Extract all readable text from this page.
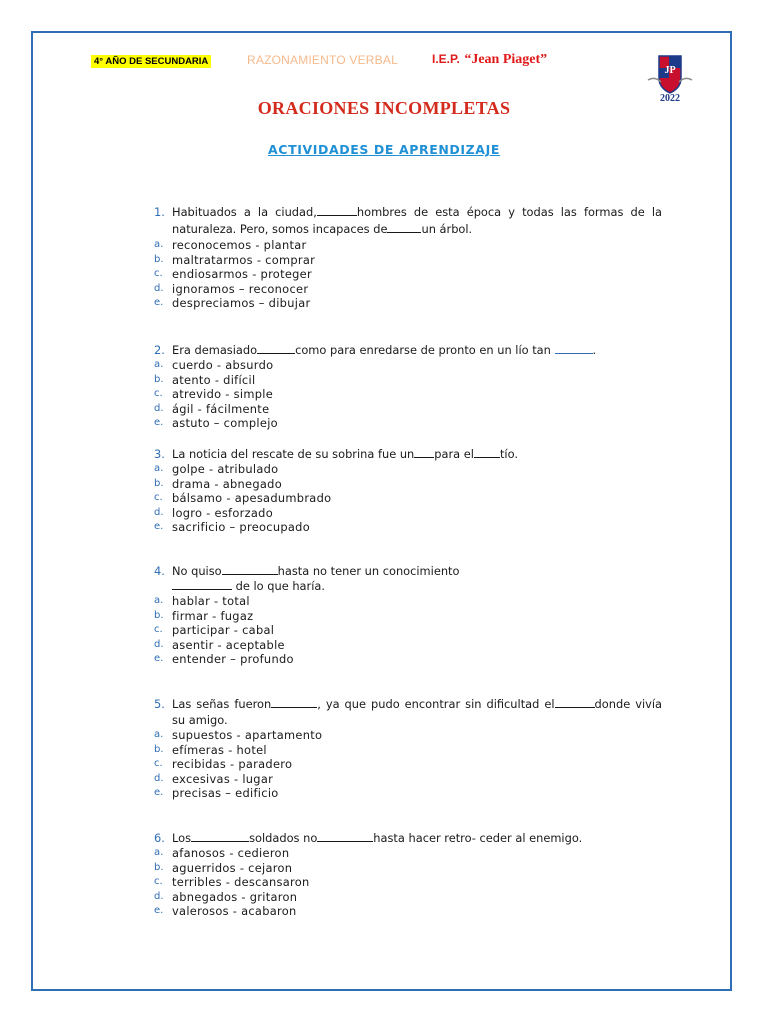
4° AÑO DE SECUNDARIA	RAZONAMIENTO VERBAL	I.E.P. “Jean Piaget”
JP
2022
ORACIONES INCOMPLETAS
ACTIVIDADES DE APRENDIZAJE
1. Habituados a la ciudad,	hombres de esta época y todas las formas de la naturaleza. Pero, somos incapaces de	un árbol.
a. reconocemos - plantar
b. maltratarmos - comprar
c. endiosarmos - proteger
d. ignoramos – reconocer
e. despreciamos – dibujar
2. Era demasiado	como para enredarse de pronto en un lío tan	.
a. cuerdo - absurdo
b. atento - difícil
c. atrevido - simple
d. ágil - fácilmente
e. astuto – complejo
3. La noticia del rescate de su sobrina fue un para el tío.
a. golpe - atribulado
b. drama - abnegado
c. bálsamo - apesadumbrado
d. logro - esforzado
e. sacrificio – preocupado
4. No quiso	hasta no tener un conocimiento
de lo que haría.
a. hablar - total
b. firmar - fugaz
c. participar - cabal
d. asentir - aceptable
e. entender – profundo
5. Las señas fueron	, ya que pudo encontrar sin dificultad el	donde vivía su amigo.
a. supuestos - apartamento
b. efímeras - hotel
c. recibidas - paradero
d. excesivas - lugar
e. precisas – edificio
6. Los	soldados no	hasta hacer retro- ceder al enemigo.
a. afanosos - cedieron
b. aguerridos - cejaron
c. terribles - descansaron
d. abnegados - gritaron
e. valerosos - acabaron
